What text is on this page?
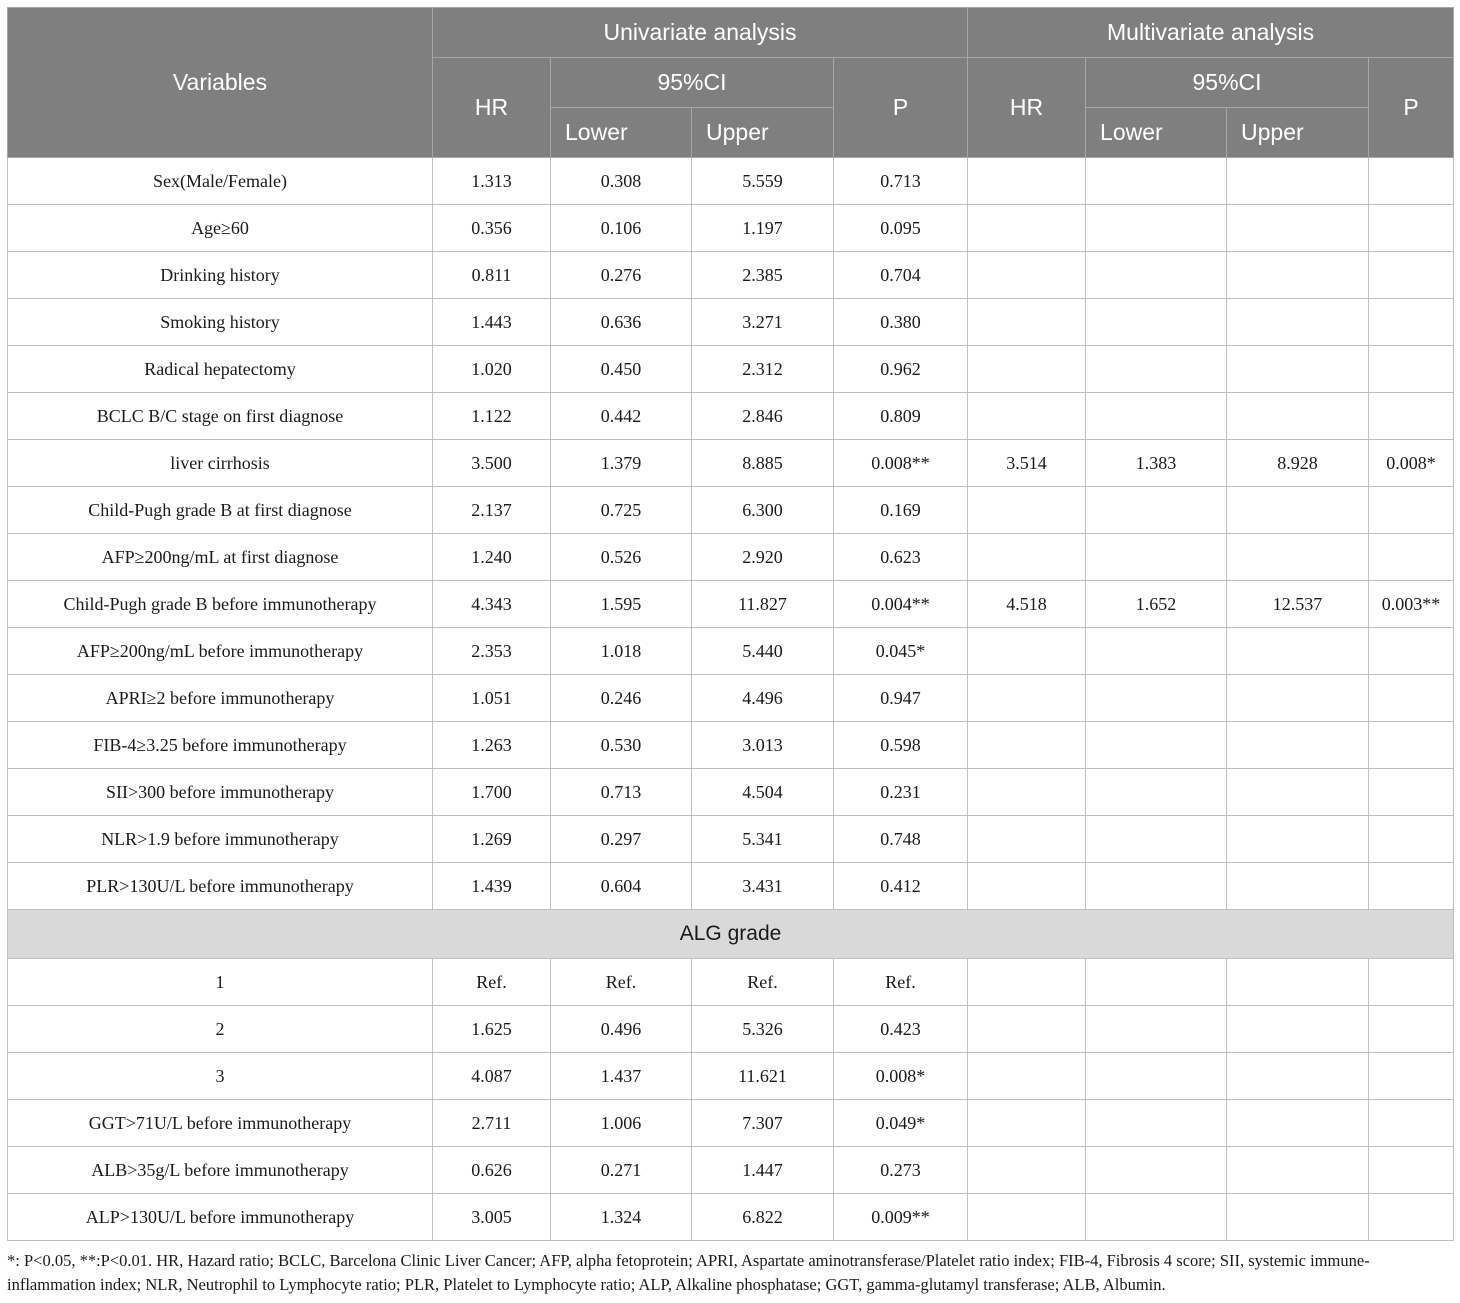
Variables	Univariate analysis				Multivariate analysis			
	HR	95%CI		P	HR	95%CI		P
		Lower	Upper			Lower	Upper	
Sex(Male/Female)	1.313	0.308	5.559	0.713				
Age≥60	0.356	0.106	1.197	0.095				
Drinking history	0.811	0.276	2.385	0.704				
Smoking history	1.443	0.636	3.271	0.380				
Radical hepatectomy	1.020	0.450	2.312	0.962				
BCLC B/C stage on first diagnose	1.122	0.442	2.846	0.809				
liver cirrhosis	3.500	1.379	8.885	0.008**	3.514	1.383	8.928	0.008*
Child-Pugh grade B at first diagnose	2.137	0.725	6.300	0.169				
AFP≥200ng/mL at first diagnose	1.240	0.526	2.920	0.623				
Child-Pugh grade B before immunotherapy	4.343	1.595	11.827	0.004**	4.518	1.652	12.537	0.003**
AFP≥200ng/mL before immunotherapy	2.353	1.018	5.440	0.045*				
APRI≥2 before immunotherapy	1.051	0.246	4.496	0.947				
FIB-4≥3.25 before immunotherapy	1.263	0.530	3.013	0.598				
SII>300 before immunotherapy	1.700	0.713	4.504	0.231				
NLR>1.9 before immunotherapy	1.269	0.297	5.341	0.748				
PLR>130U/L before immunotherapy	1.439	0.604	3.431	0.412				
ALG grade								
1	Ref.	Ref.	Ref.	Ref.				
2	1.625	0.496	5.326	0.423				
3	4.087	1.437	11.621	0.008*				
GGT>71U/L before immunotherapy	2.711	1.006	7.307	0.049*				
ALB>35g/L before immunotherapy	0.626	0.271	1.447	0.273				
ALP>130U/L before immunotherapy	3.005	1.324	6.822	0.009**				
*: P<0.05, **:P<0.01. HR, Hazard ratio; BCLC, Barcelona Clinic Liver Cancer; AFP, alpha fetoprotein; APRI, Aspartate aminotransferase/Platelet ratio index; FIB-4, Fibrosis 4 score; SII, systemic immune-inflammation index; NLR, Neutrophil to Lymphocyte ratio; PLR, Platelet to Lymphocyte ratio; ALP, Alkaline phosphatase; GGT, gamma-glutamyl transferase; ALB, Albumin.
